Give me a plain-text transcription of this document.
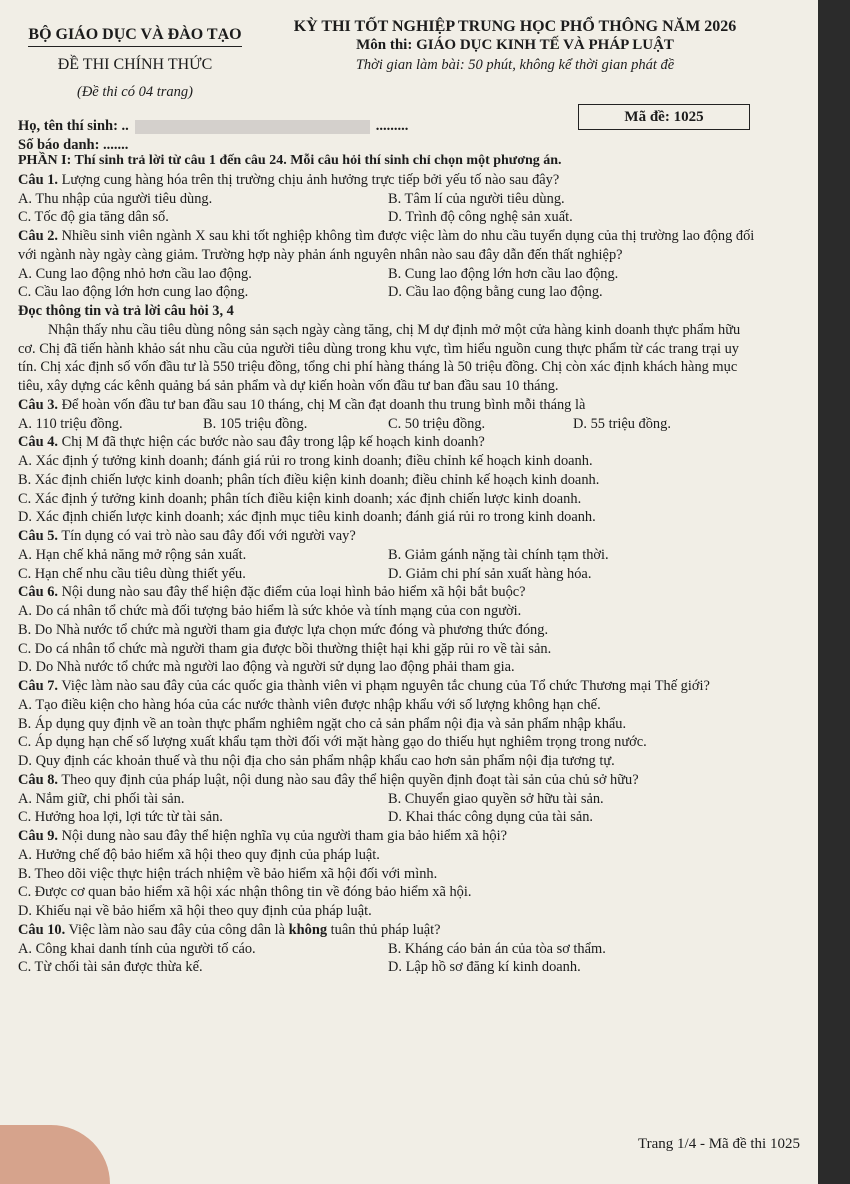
BỘ GIÁO DỤC VÀ ĐÀO TẠO
ĐỀ THI CHÍNH THỨC
(Đề thi có 04 trang)
KỲ THI TỐT NGHIỆP TRUNG HỌC PHỔ THÔNG NĂM 2026
Môn thi: GIÁO DỤC KINH TẾ VÀ PHÁP LUẬT
Thời gian làm bài: 50 phút, không kể thời gian phát đề
Mã đề: 1025
Họ, tên thí sinh: ..	.........
Số báo danh: .......
PHẦN I: Thí sinh trả lời từ câu 1 đến câu 24. Mỗi câu hỏi thí sinh chỉ chọn một phương án.
Câu 1. Lượng cung hàng hóa trên thị trường chịu ảnh hưởng trực tiếp bởi yếu tố nào sau đây?
A. Thu nhập của người tiêu dùng.	B. Tâm lí của người tiêu dùng.
C. Tốc độ gia tăng dân số.	D. Trình độ công nghệ sản xuất.
Câu 2. Nhiều sinh viên ngành X sau khi tốt nghiệp không tìm được việc làm do nhu cầu tuyển dụng của thị trường lao động đối với ngành này ngày càng giảm. Trường hợp này phản ánh nguyên nhân nào sau đây dẫn đến thất nghiệp?
A. Cung lao động nhỏ hơn cầu lao động.	B. Cung lao động lớn hơn cầu lao động.
C. Cầu lao động lớn hơn cung lao động.	D. Cầu lao động bằng cung lao động.
Đọc thông tin và trả lời câu hỏi 3, 4
Nhận thấy nhu cầu tiêu dùng nông sản sạch ngày càng tăng, chị M dự định mở một cửa hàng kinh doanh thực phẩm hữu cơ. Chị đã tiến hành khảo sát nhu cầu của người tiêu dùng trong khu vực, tìm hiểu nguồn cung thực phẩm từ các trang trại uy tín. Chị xác định số vốn đầu tư là 550 triệu đồng, tổng chi phí hàng tháng là 50 triệu đồng. Chị còn xác định khách hàng mục tiêu, xây dựng các kênh quảng bá sản phẩm và dự kiến hoàn vốn đầu tư ban đầu sau 10 tháng.
Câu 3. Để hoàn vốn đầu tư ban đầu sau 10 tháng, chị M cần đạt doanh thu trung bình mỗi tháng là
A. 110 triệu đồng.	B. 105 triệu đồng.	C. 50 triệu đồng.	D. 55 triệu đồng.
Câu 4. Chị M đã thực hiện các bước nào sau đây trong lập kế hoạch kinh doanh?
A. Xác định ý tưởng kinh doanh; đánh giá rủi ro trong kinh doanh; điều chỉnh kế hoạch kinh doanh.
B. Xác định chiến lược kinh doanh; phân tích điều kiện kinh doanh; điều chỉnh kế hoạch kinh doanh.
C. Xác định ý tưởng kinh doanh; phân tích điều kiện kinh doanh; xác định chiến lược kinh doanh.
D. Xác định chiến lược kinh doanh; xác định mục tiêu kinh doanh; đánh giá rủi ro trong kinh doanh.
Câu 5. Tín dụng có vai trò nào sau đây đối với người vay?
A. Hạn chế khả năng mở rộng sản xuất.	B. Giảm gánh nặng tài chính tạm thời.
C. Hạn chế nhu cầu tiêu dùng thiết yếu.	D. Giảm chi phí sản xuất hàng hóa.
Câu 6. Nội dung nào sau đây thể hiện đặc điểm của loại hình bảo hiểm xã hội bắt buộc?
A. Do cá nhân tổ chức mà đối tượng bảo hiểm là sức khỏe và tính mạng của con người.
B. Do Nhà nước tổ chức mà người tham gia được lựa chọn mức đóng và phương thức đóng.
C. Do cá nhân tổ chức mà người tham gia được bồi thường thiệt hại khi gặp rủi ro về tài sản.
D. Do Nhà nước tổ chức mà người lao động và người sử dụng lao động phải tham gia.
Câu 7. Việc làm nào sau đây của các quốc gia thành viên vi phạm nguyên tắc chung của Tổ chức Thương mại Thế giới?
A. Tạo điều kiện cho hàng hóa của các nước thành viên được nhập khẩu với số lượng không hạn chế.
B. Áp dụng quy định về an toàn thực phẩm nghiêm ngặt cho cả sản phẩm nội địa và sản phẩm nhập khẩu.
C. Áp dụng hạn chế số lượng xuất khẩu tạm thời đối với mặt hàng gạo do thiếu hụt nghiêm trọng trong nước.
D. Quy định các khoản thuế và thu nội địa cho sản phẩm nhập khẩu cao hơn sản phẩm nội địa tương tự.
Câu 8. Theo quy định của pháp luật, nội dung nào sau đây thể hiện quyền định đoạt tài sản của chủ sở hữu?
A. Nắm giữ, chi phối tài sản.	B. Chuyển giao quyền sở hữu tài sản.
C. Hưởng hoa lợi, lợi tức từ tài sản.	D. Khai thác công dụng của tài sản.
Câu 9. Nội dung nào sau đây thể hiện nghĩa vụ của người tham gia bảo hiểm xã hội?
A. Hưởng chế độ bảo hiểm xã hội theo quy định của pháp luật.
B. Theo dõi việc thực hiện trách nhiệm về bảo hiểm xã hội đối với mình.
C. Được cơ quan bảo hiểm xã hội xác nhận thông tin về đóng bảo hiểm xã hội.
D. Khiếu nại về bảo hiểm xã hội theo quy định của pháp luật.
Câu 10. Việc làm nào sau đây của công dân là không tuân thủ pháp luật?
A. Công khai danh tính của người tố cáo.	B. Kháng cáo bản án của tòa sơ thẩm.
C. Từ chối tài sản được thừa kế.	D. Lập hồ sơ đăng kí kinh doanh.
Trang 1/4 - Mã đề thi 1025
